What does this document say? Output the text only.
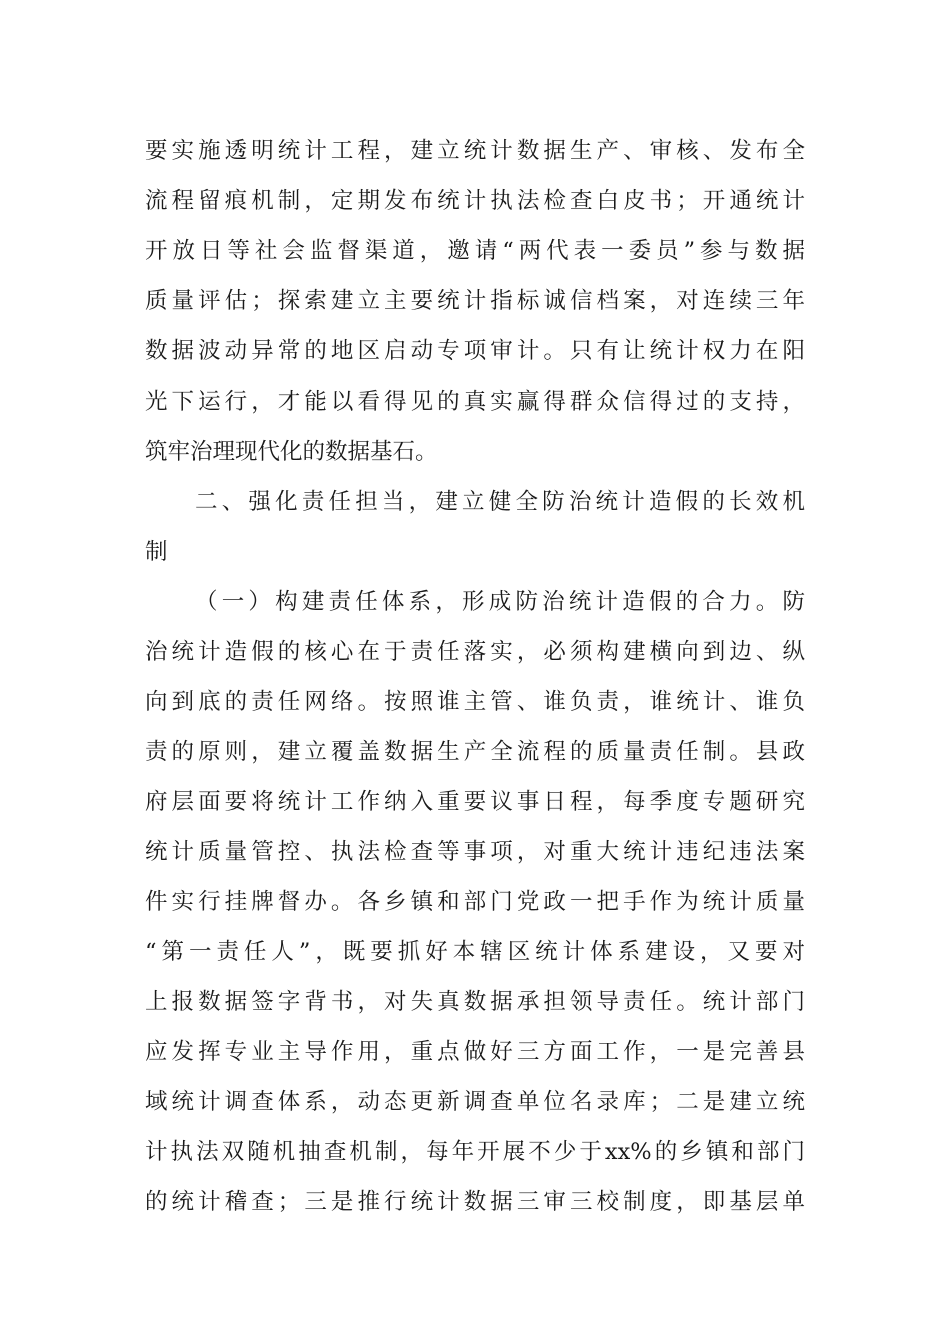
要实施透明统计工程，建立统计数据生产、审核、发布全
流程留痕机制，定期发布统计执法检查白皮书；开通统计
开放日等社会监督渠道，邀请“两代表一委员”参与数据
质量评估；探索建立主要统计指标诚信档案，对连续三年
数据波动异常的地区启动专项审计。只有让统计权力在阳
光下运行，才能以看得见的真实赢得群众信得过的支持，
筑牢治理现代化的数据基石。
二、强化责任担当，建立健全防治统计造假的长效机
制
（一）构建责任体系，形成防治统计造假的合力。防
治统计造假的核心在于责任落实，必须构建横向到边、纵
向到底的责任网络。按照谁主管、谁负责，谁统计、谁负
责的原则，建立覆盖数据生产全流程的质量责任制。县政
府层面要将统计工作纳入重要议事日程，每季度专题研究
统计质量管控、执法检查等事项，对重大统计违纪违法案
件实行挂牌督办。各乡镇和部门党政一把手作为统计质量
“第一责任人”，既要抓好本辖区统计体系建设，又要对
上报数据签字背书，对失真数据承担领导责任。统计部门
应发挥专业主导作用，重点做好三方面工作，一是完善县
域统计调查体系，动态更新调查单位名录库；二是建立统
计执法双随机抽查机制，每年开展不少于xx%的乡镇和部门
的统计稽查；三是推行统计数据三审三校制度，即基层单
